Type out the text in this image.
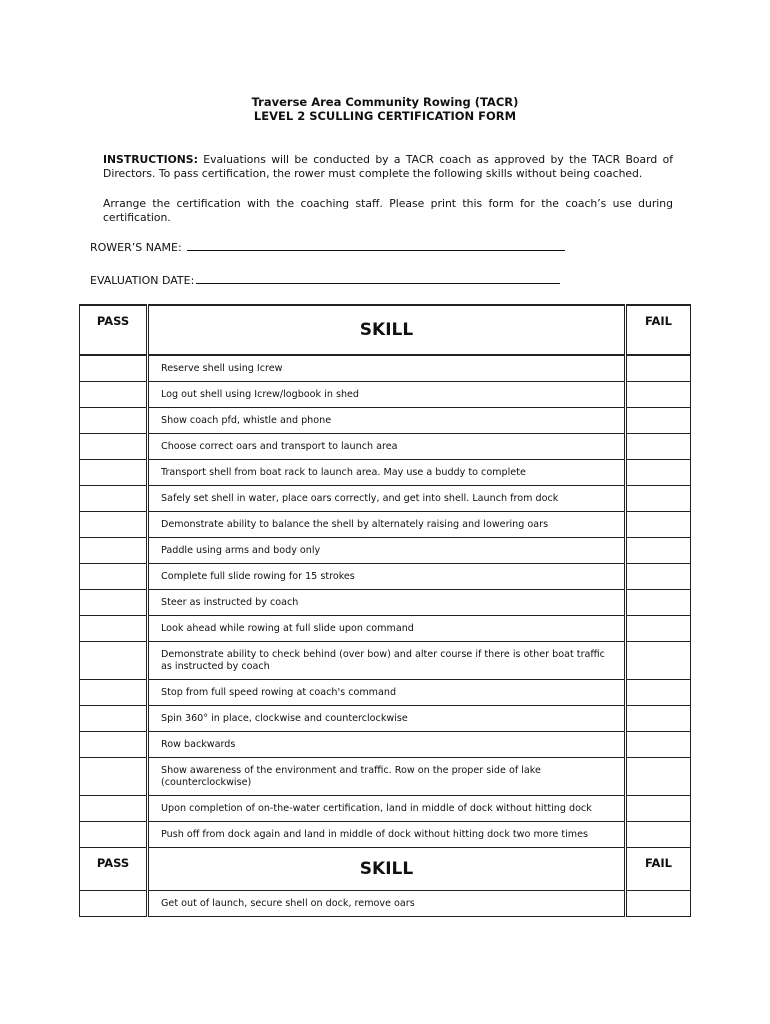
Traverse Area Community Rowing (TACR)
LEVEL 2 SCULLING CERTIFICATION FORM
INSTRUCTIONS: Evaluations will be conducted by a TACR coach as approved by the TACR Board of Directors. To pass certification, the rower must complete the following skills without being coached.
Arrange the certification with the coaching staff. Please print this form for the coach’s use during certification.
ROWER’S NAME:
EVALUATION DATE:
PASS	SKILL	FAIL
	Reserve shell using Icrew	
	Log out shell using Icrew/logbook in shed	
	Show coach pfd, whistle and phone	
	Choose correct oars and transport to launch area	
	Transport shell from boat rack to launch area. May use a buddy to complete	
	Safely set shell in water, place oars correctly, and get into shell. Launch from dock	
	Demonstrate ability to balance the shell by alternately raising and lowering oars	
	Paddle using arms and body only	
	Complete full slide rowing for 15 strokes	
	Steer as instructed by coach	
	Look ahead while rowing at full slide upon command	
	Demonstrate ability to check behind (over bow) and alter course if there is other boat traffic as instructed by coach	
	Stop from full speed rowing at coach's command	
	Spin 360° in place, clockwise and counterclockwise	
	Row backwards	
	Show awareness of the environment and traffic. Row on the proper side of lake (counterclockwise)	
	Upon completion of on-the-water certification, land in middle of dock without hitting dock	
	Push off from dock again and land in middle of dock without hitting dock two more times	
PASS	SKILL	FAIL
	Get out of launch, secure shell on dock, remove oars	
